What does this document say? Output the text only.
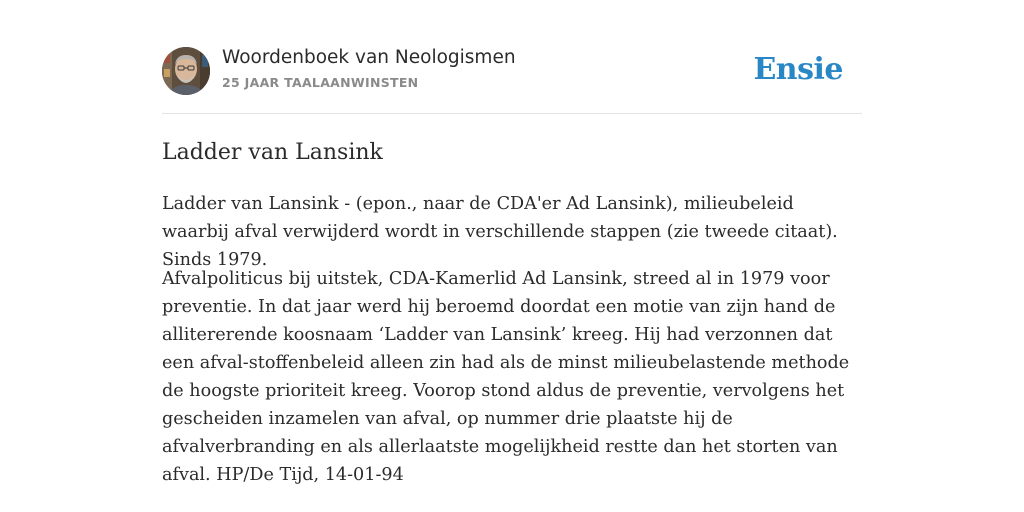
Woordenboek van Neologismen
25 JAAR TAALAANWINSTEN	Ensie
Ladder van Lansink

Ladder van Lansink - (epon., naar de CDA'er Ad Lansink), milieubeleid waarbij afval verwijderd wordt in verschillende stappen (zie tweede citaat). Sinds 1979.

Afvalpoliticus bij uitstek, CDA-Kamerlid Ad Lansink, streed al in 1979 voor preventie. In dat jaar werd hij beroemd doordat een motie van zijn hand de allitererende koosnaam ‘Ladder van Lansink’ kreeg. Hij had verzonnen dat een afval-stoffenbeleid alleen zin had als de minst milieubelastende methode de hoogste prioriteit kreeg. Voorop stond aldus de preventie, vervolgens het gescheiden inzamelen van afval, op nummer drie plaatste hij de afvalverbranding en als allerlaatste mogelijkheid restte dan het storten van afval. HP/De Tijd, 14-01-94
